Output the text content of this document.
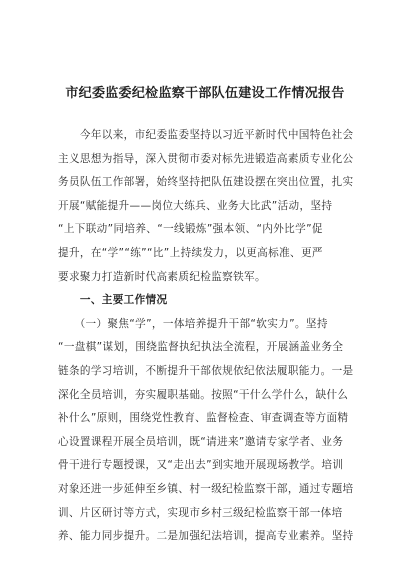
市纪委监委纪检监察干部队伍建设工作情况报告
　　今年以来，市纪委监委坚持以习近平新时代中国特色社会
主义思想为指导，深入贯彻市委对标先进锻造高素质专业化公
务员队伍工作部署，始终坚持把队伍建设摆在突出位置，扎实
开展“赋能提升——岗位大练兵、业务大比武”活动，坚持
“上下联动”同培养、“一线锻炼”强本领、“内外比学”促
提升，在“学”“练”“比”上持续发力，以更高标准、更严
要求聚力打造新时代高素质纪检监察铁军。
　　一、主要工作情况
　　（一）聚焦“学”，一体培养提升干部“软实力”。坚持
“一盘棋”谋划，围绕监督执纪执法全流程，开展涵盖业务全
链条的学习培训，不断提升干部依规依纪依法履职能力。一是
深化全员培训，夯实履职基础。按照“干什么学什么，缺什么
补什么”原则，围绕党性教育、监督检查、审查调查等方面精
心设置课程开展全员培训，既“请进来”邀请专家学者、业务
骨干进行专题授课，又“走出去”到实地开展现场教学。培训
对象还进一步延伸至乡镇、村一级纪检监察干部，通过专题培
训、片区研讨等方式，实现市乡村三级纪检监察干部一体培
养、能力同步提升。二是加强纪法培训，提高专业素养。坚持
